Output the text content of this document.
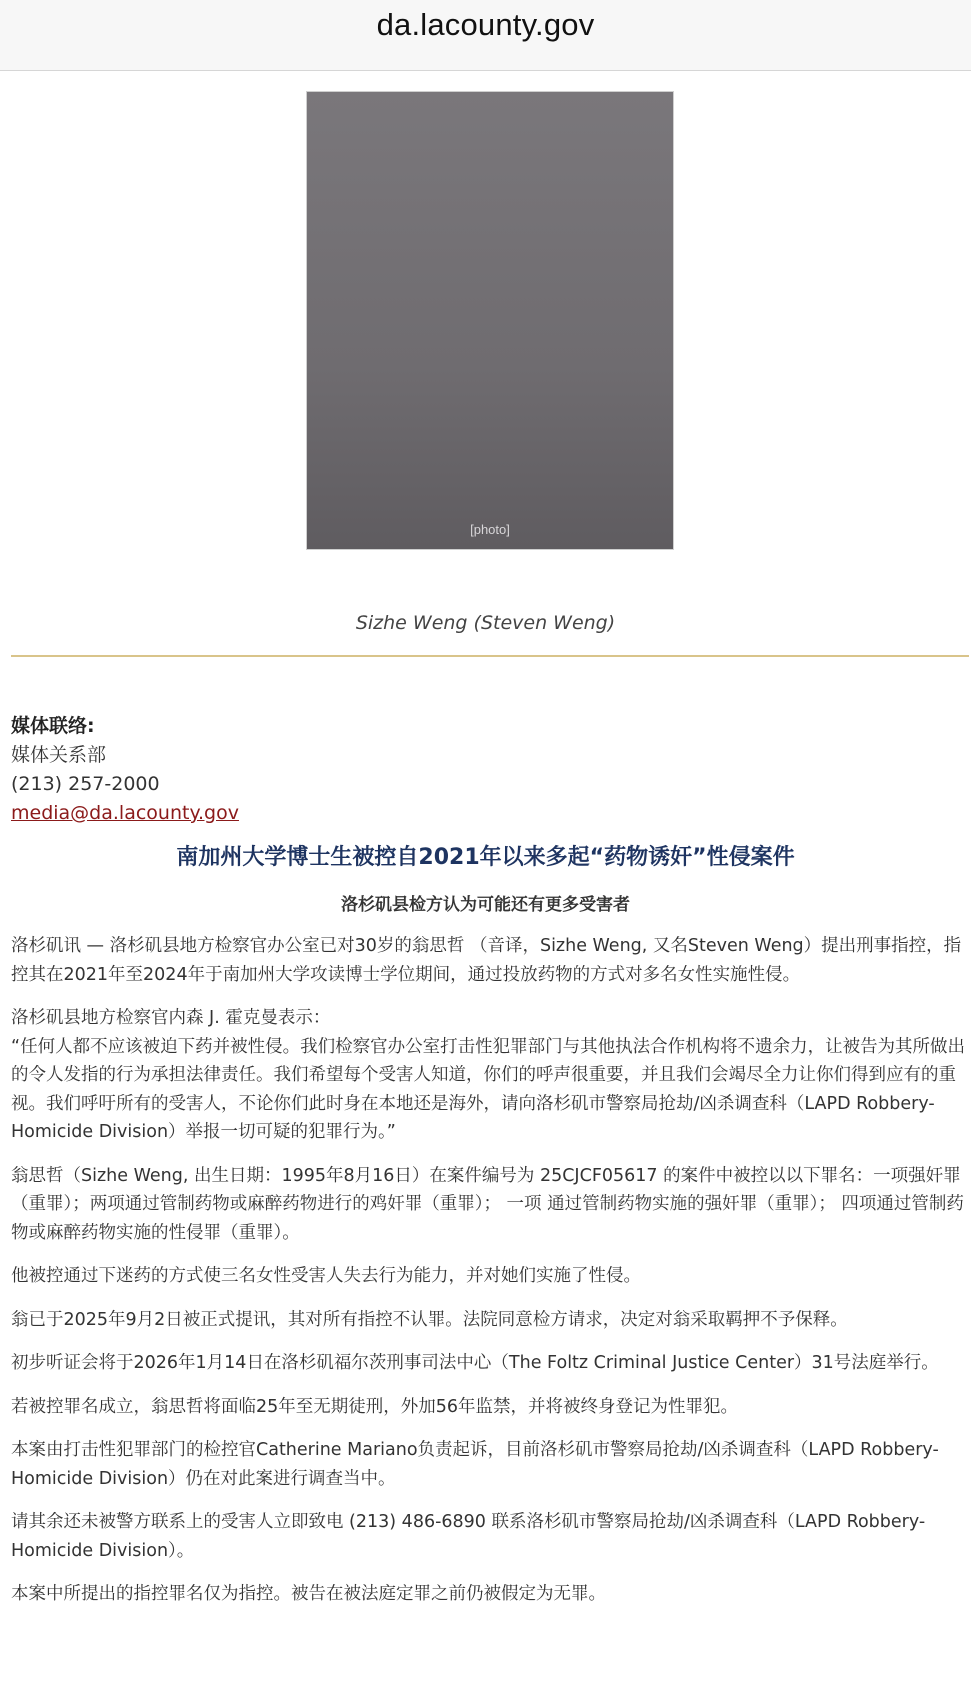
da.lacounty.gov
[photo]
Sizhe Weng (Steven Weng)
媒体联络:
媒体关系部
(213) 257-2000
media@da.lacounty.gov
南加州大学博士生被控自2021年以来多起“药物诱奸”性侵案件
洛杉矶县检方认为可能还有更多受害者

洛杉矶讯 — 洛杉矶县地方检察官办公室已对30岁的翁思哲 （音译，Sizhe Weng, 又名Steven Weng）提出刑事指控，指控其在2021年至2024年于南加州大学攻读博士学位期间，通过投放药物的方式对多名女性实施性侵。

洛杉矶县地方检察官内森 J. 霍克曼表示：

“任何人都不应该被迫下药并被性侵。我们检察官办公室打击性犯罪部门与其他执法合作机构将不遗余力，让被告为其所做出的令人发指的行为承担法律责任。我们希望每个受害人知道，你们的呼声很重要，并且我们会竭尽全力让你们得到应有的重视。我们呼吁所有的受害人，不论你们此时身在本地还是海外，请向洛杉矶市警察局抢劫/凶杀调查科（LAPD Robbery-Homicide Division）举报一切可疑的犯罪行为。”

翁思哲（Sizhe Weng, 出生日期：1995年8月16日）在案件编号为 25CJCF05617 的案件中被控以以下罪名：一项强奸罪（重罪）；两项通过管制药物或麻醉药物进行的鸡奸罪（重罪）； 一项 通过管制药物实施的强奸罪（重罪）； 四项通过管制药物或麻醉药物实施的性侵罪（重罪）。

他被控通过下迷药的方式使三名女性受害人失去行为能力，并对她们实施了性侵。

翁已于2025年9月2日被正式提讯，其对所有指控不认罪。法院同意检方请求，决定对翁采取羁押不予保释。

初步听证会将于2026年1月14日在洛杉矶福尔茨刑事司法中心（The Foltz Criminal Justice Center）31号法庭举行。

若被控罪名成立，翁思哲将面临25年至无期徒刑，外加56年监禁，并将被终身登记为性罪犯。

本案由打击性犯罪部门的检控官Catherine Mariano负责起诉，目前洛杉矶市警察局抢劫/凶杀调查科（LAPD Robbery-Homicide Division）仍在对此案进行调查当中。

请其余还未被警方联系上的受害人立即致电 (213) 486-6890 联系洛杉矶市警察局抢劫/凶杀调查科（LAPD Robbery-Homicide Division）。

本案中所提出的指控罪名仅为指控。被告在被法庭定罪之前仍被假定为无罪。
